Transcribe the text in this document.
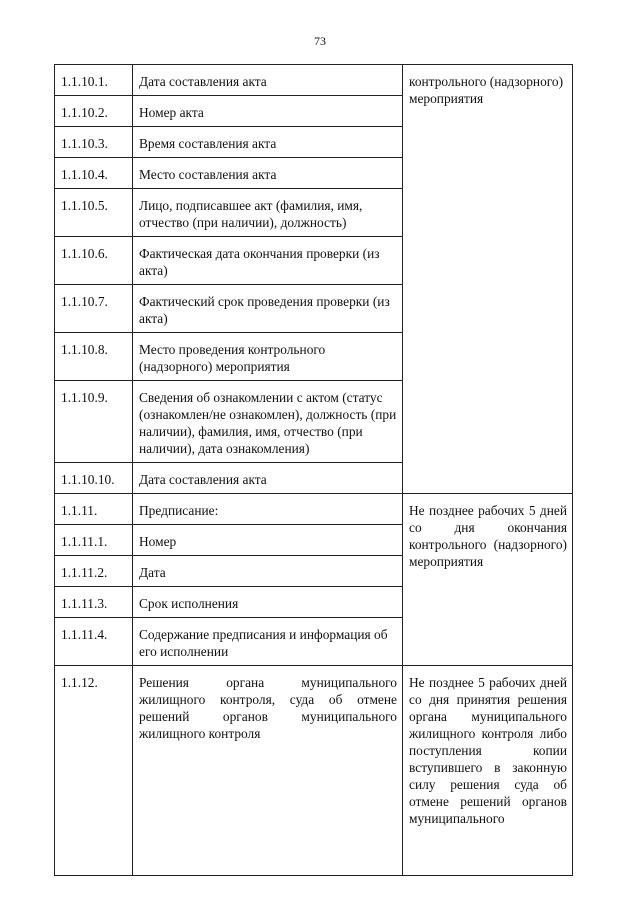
73
1.1.10.1.	Дата составления акта	контрольного (надзорного) мероприятия
1.1.10.2.	Номер акта	
1.1.10.3.	Время составления акта	
1.1.10.4.	Место составления акта	
1.1.10.5.	Лицо, подписавшее акт (фамилия, имя, отчество (при наличии), должность)	
1.1.10.6.	Фактическая дата окончания проверки (из акта)	
1.1.10.7.	Фактический срок проведения проверки (из акта)	
1.1.10.8.	Место проведения контрольного (надзорного) мероприятия	
1.1.10.9.	Сведения об ознакомлении с актом (статус (ознакомлен/не ознакомлен), должность (при наличии), фамилия, имя, отчество (при наличии), дата ознакомления)	
1.1.10.10.	Дата составления акта	
1.1.11.	Предписание:	Не позднее рабочих 5 дней со дня окончания контрольного (надзорного) мероприятия
1.1.11.1.	Номер	
1.1.11.2.	Дата	
1.1.11.3.	Срок исполнения	
1.1.11.4.	Содержание предписания и информация об его исполнении	
1.1.12.	Решения органа муниципального жилищного контроля, суда об отмене решений органов муниципального жилищного контроля	Не позднее 5 рабочих дней со дня принятия решения органа муниципального жилищного контроля либо поступления копии вступившего в законную силу решения суда об отмене решений органов муниципального
